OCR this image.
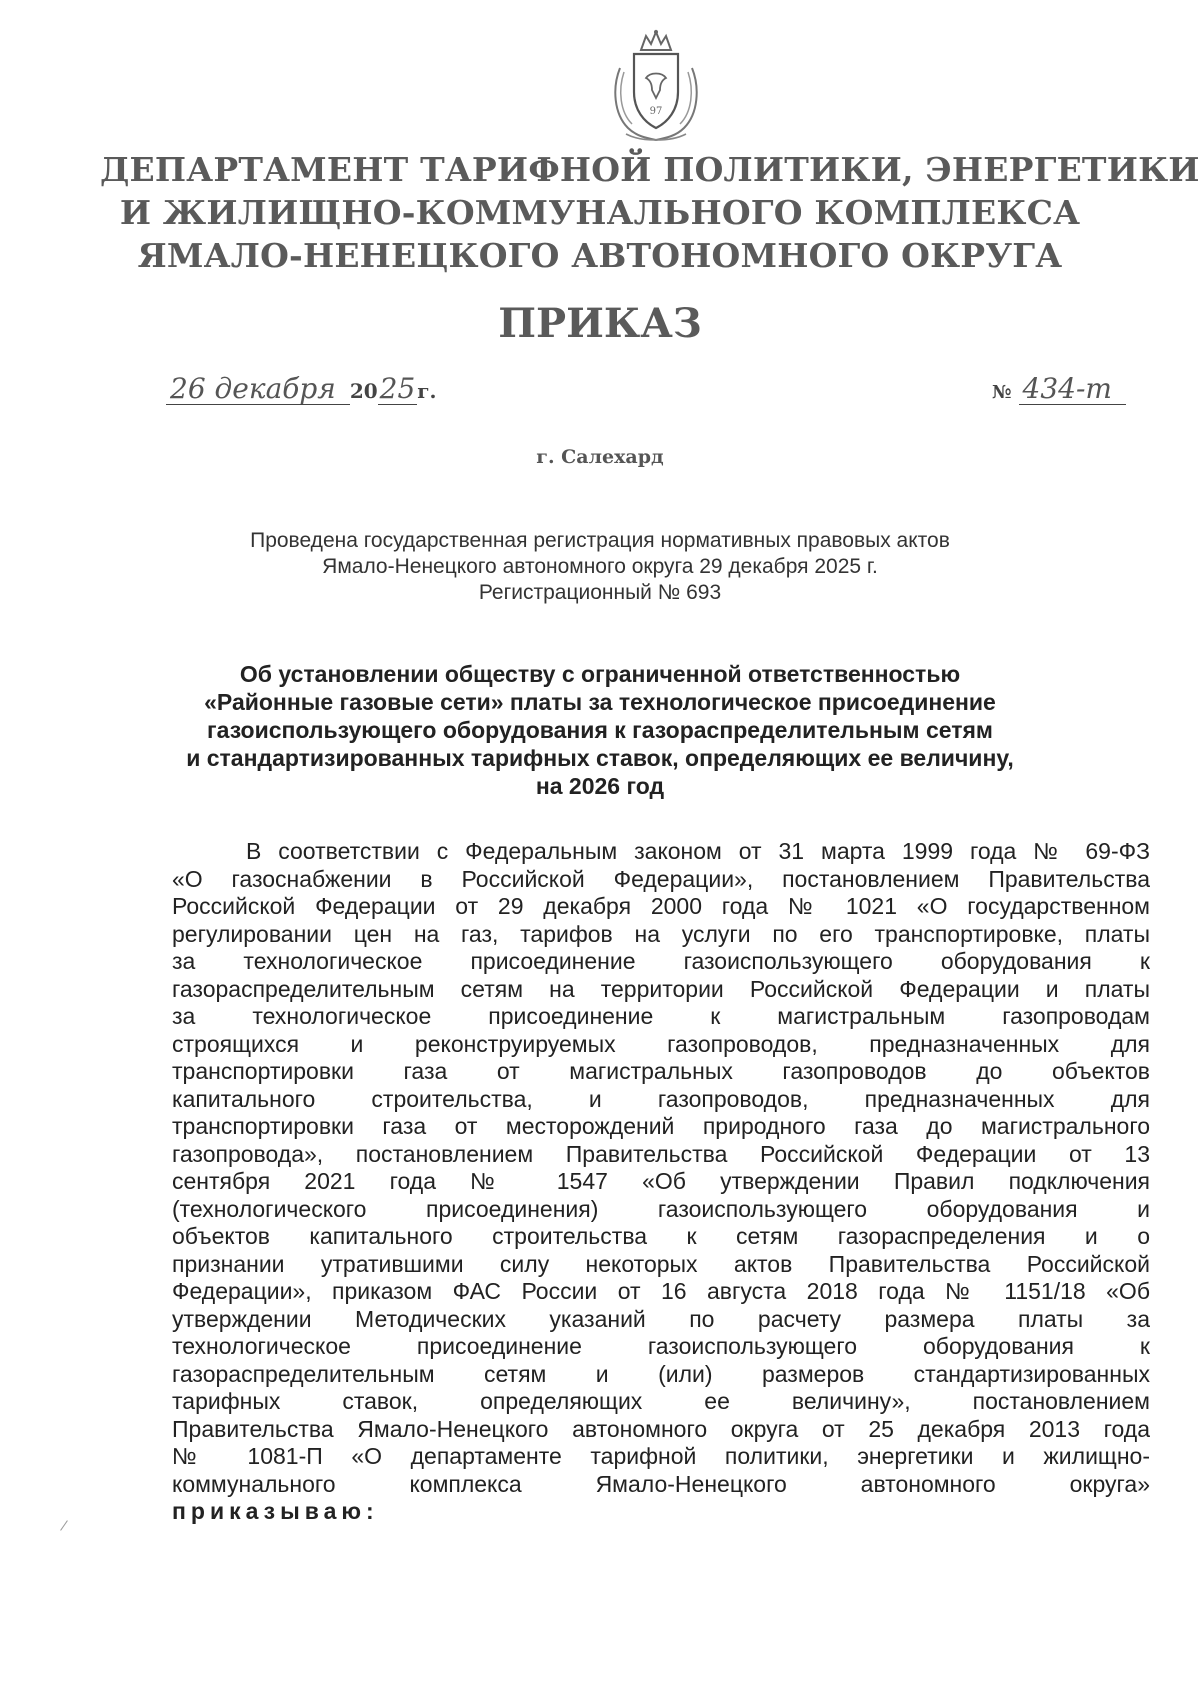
97
ДЕПАРТАМЕНТ ТАРИФНОЙ ПОЛИТИКИ, ЭНЕРГЕТИКИ
И ЖИЛИЩНО-КОММУНАЛЬНОГО КОМПЛЕКСА
ЯМАЛО-НЕНЕЦКОГО АВТОНОМНОГО ОКРУГА
ПРИКАЗ
26 декабря 2025 г.	№ 434-т
г. Салехард
Проведена государственная регистрация нормативных правовых актов
Ямало-Ненецкого автономного округа 29 декабря 2025 г.
Регистрационный № 693
Об установлении обществу с ограниченной ответственностью
«Районные газовые сети» платы за технологическое присоединение
газоиспользующего оборудования к газораспределительным сетям
и стандартизированных тарифных ставок, определяющих ее величину,
на 2026 год
В соответствии с Федеральным законом от 31 марта 1999 года № 69-ФЗ
«О газоснабжении в Российской Федерации», постановлением Правительства
Российской Федерации от 29 декабря 2000 года № 1021 «О государственном
регулировании цен на газ, тарифов на услуги по его транспортировке, платы
за технологическое присоединение газоиспользующего оборудования к
газораспределительным сетям на территории Российской Федерации и платы
за технологическое присоединение к магистральным газопроводам
строящихся и реконструируемых газопроводов, предназначенных для
транспортировки газа от магистральных газопроводов до объектов
капитального строительства, и газопроводов, предназначенных для
транспортировки газа от месторождений природного газа до магистрального
газопровода», постановлением Правительства Российской Федерации от 13
сентября 2021 года № 1547 «Об утверждении Правил подключения
(технологического присоединения) газоиспользующего оборудования и
объектов капитального строительства к сетям газораспределения и о
признании утратившими силу некоторых актов Правительства Российской
Федерации», приказом ФАС России от 16 августа 2018 года № 1151/18 «Об
утверждении Методических указаний по расчету размера платы за
технологическое присоединение газоиспользующего оборудования к
газораспределительным сетям и (или) размеров стандартизированных
тарифных ставок, определяющих ее величину», постановлением
Правительства Ямало-Ненецкого автономного округа от 25 декабря 2013 года
№ 1081-П «О департаменте тарифной политики, энергетики и жилищно-
коммунального комплекса Ямало-Ненецкого автономного округа»
приказываю:
